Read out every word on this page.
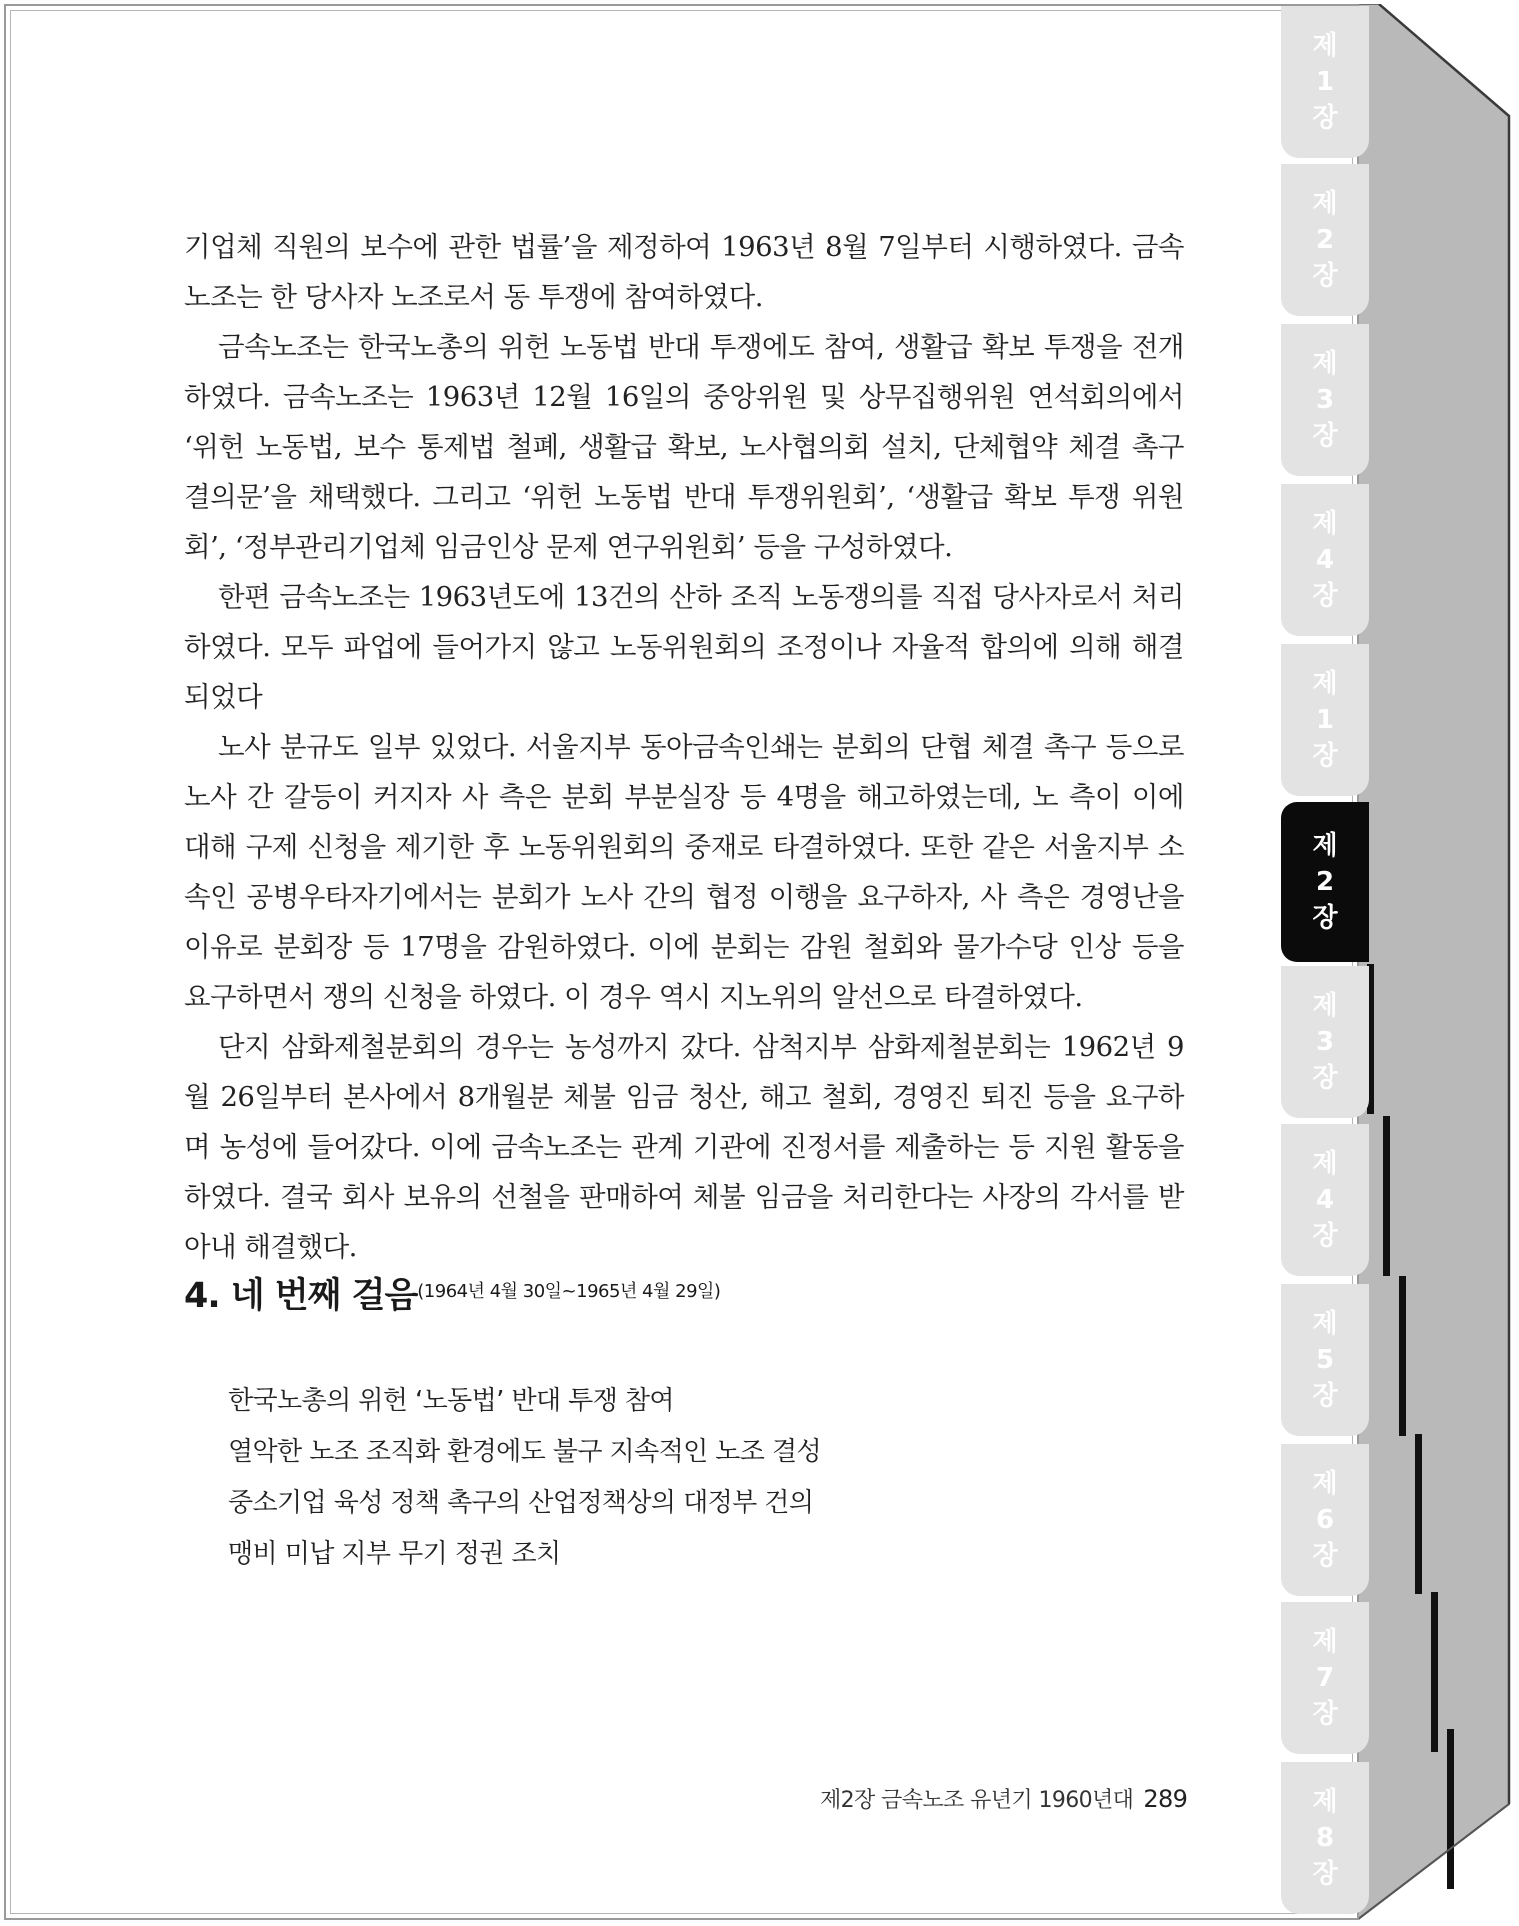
제
1
장
제
2
장
제
3
장
제
4
장
제
1
장
제
2
장
제
3
장
제
4
장
제
5
장
제
6
장
제
7
장
제
8
장

기업체 직원의 보수에 관한 법률’을 제정하여 1963년 8월 7일부터 시행하였다. 금속노조는 한 당사자 노조로서 동 투쟁에 참여하였다.

금속노조는 한국노총의 위헌 노동법 반대 투쟁에도 참여, 생활급 확보 투쟁을 전개하였다. 금속노조는 1963년 12월 16일의 중앙위원 및 상무집행위원 연석회의에서 ‘위헌 노동법, 보수 통제법 철폐, 생활급 확보, 노사협의회 설치, 단체협약 체결 촉구 결의문’을 채택했다. 그리고 ‘위헌 노동법 반대 투쟁위원회’, ‘생활급 확보 투쟁 위원회’, ‘정부관리기업체 임금인상 문제 연구위원회’ 등을 구성하였다.

한편 금속노조는 1963년도에 13건의 산하 조직 노동쟁의를 직접 당사자로서 처리하였다. 모두 파업에 들어가지 않고 노동위원회의 조정이나 자율적 합의에 의해 해결되었다

노사 분규도 일부 있었다. 서울지부 동아금속인쇄는 분회의 단협 체결 촉구 등으로 노사 간 갈등이 커지자 사 측은 분회 부분실장 등 4명을 해고하였는데, 노 측이 이에 대해 구제 신청을 제기한 후 노동위원회의 중재로 타결하였다. 또한 같은 서울지부 소속인 공병우타자기에서는 분회가 노사 간의 협정 이행을 요구하자, 사 측은 경영난을 이유로 분회장 등 17명을 감원하였다. 이에 분회는 감원 철회와 물가수당 인상 등을 요구하면서 쟁의 신청을 하였다. 이 경우 역시 지노위의 알선으로 타결하였다.

단지 삼화제철분회의 경우는 농성까지 갔다. 삼척지부 삼화제철분회는 1962년 9월 26일부터 본사에서 8개월분 체불 임금 청산, 해고 철회, 경영진 퇴진 등을 요구하며 농성에 들어갔다. 이에 금속노조는 관계 기관에 진정서를 제출하는 등 지원 활동을 하였다. 결국 회사 보유의 선철을 판매하여 체불 임금을 처리한다는 사장의 각서를 받아내 해결했다.

4. 네 번째 걸음$^{(1964년 4월 30일\sim 1965년 4월 29일)}$
한국노총의 위헌 ‘노동법’ 반대 투쟁 참여
열악한 노조 조직화 환경에도 불구 지속적인 노조 결성
중소기업 육성 정책 촉구의 산업정책상의 대정부 건의
맹비 미납 지부 무기 정권 조치
제2장 금속노조 유년기 1960년대 289
